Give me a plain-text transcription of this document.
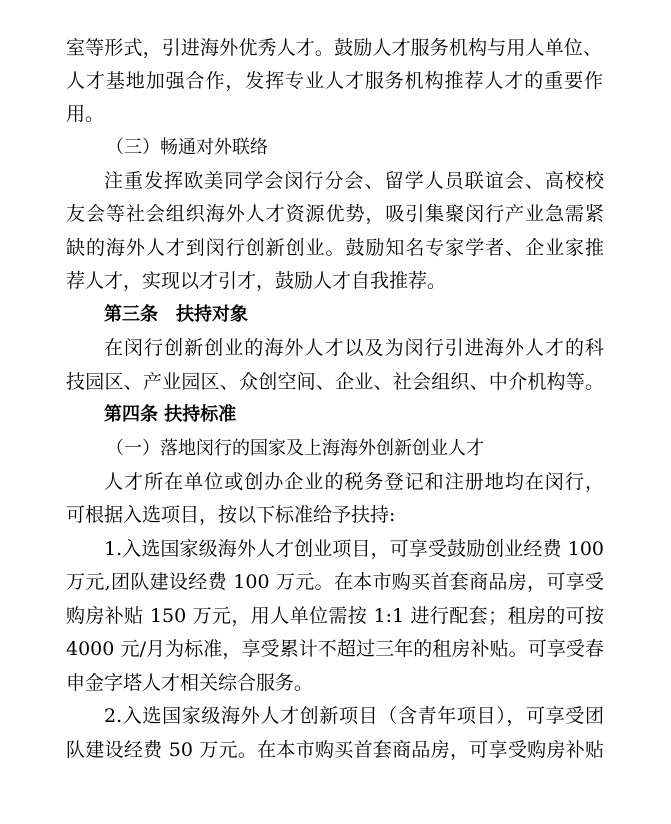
室等形式，引进海外优秀人才。鼓励人才服务机构与用人单位、
人才基地加强合作，发挥专业人才服务机构推荐人才的重要作
用。
（三）畅通对外联络
注重发挥欧美同学会闵行分会、留学人员联谊会、高校校
友会等社会组织海外人才资源优势，吸引集聚闵行产业急需紧
缺的海外人才到闵行创新创业。鼓励知名专家学者、企业家推
荐人才，实现以才引才，鼓励人才自我推荐。
第三条　扶持对象
在闵行创新创业的海外人才以及为闵行引进海外人才的科
技园区、产业园区、众创空间、企业、社会组织、中介机构等。
第四条 扶持标准
（一）落地闵行的国家及上海海外创新创业人才
人才所在单位或创办企业的税务登记和注册地均在闵行，
可根据入选项目，按以下标准给予扶持:
1.入选国家级海外人才创业项目，可享受鼓励创业经费 100
万元,团队建设经费 100 万元。在本市购买首套商品房，可享受
购房补贴 150 万元，用人单位需按 1:1 进行配套；租房的可按
4000 元/月为标准，享受累计不超过三年的租房补贴。可享受春
申金字塔人才相关综合服务。
2.入选国家级海外人才创新项目（含青年项目），可享受团
队建设经费 50 万元。在本市购买首套商品房，可享受购房补贴
